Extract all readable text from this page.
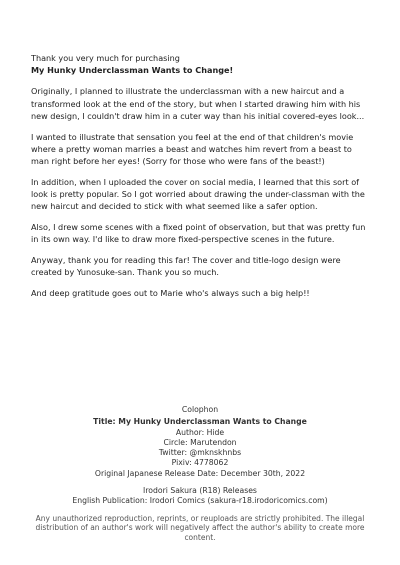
Thank you very much for purchasing
My Hunky Underclassman Wants to Change!

Originally, I planned to illustrate the underclassman with a new haircut and a transformed look at the end of the story, but when I started drawing him with his new design, I couldn't draw him in a cuter way than his initial covered-eyes look...

I wanted to illustrate that sensation you feel at the end of that children's movie where a pretty woman marries a beast and watches him revert from a beast to man right before her eyes! (Sorry for those who were fans of the beast!)

In addition, when I uploaded the cover on social media, I learned that this sort of look is pretty popular. So I got worried about drawing the under-classman with the new haircut and decided to stick with what seemed like a safer option.

Also, I drew some scenes with a fixed point of observation, but that was pretty fun in its own way. I'd like to draw more fixed-perspective scenes in the future.

Anyway, thank you for reading this far! The cover and title-logo design were created by Yunosuke-san. Thank you so much.

And deep gratitude goes out to Marie who's always such a big help!!

Colophon
Title: My Hunky Underclassman Wants to Change
Author: Hide
Circle: Marutendon
Twitter: @mknskhnbs
Pixiv: 4778062
Original Japanese Release Date: December 30th, 2022
Irodori Sakura (R18) Releases
English Publication: Irodori Comics (sakura-r18.irodoricomics.com)
Any unauthorized reproduction, reprints, or reuploads are strictly prohibited. The illegal distribution of an author's work will negatively affect the author's ability to create more content.
